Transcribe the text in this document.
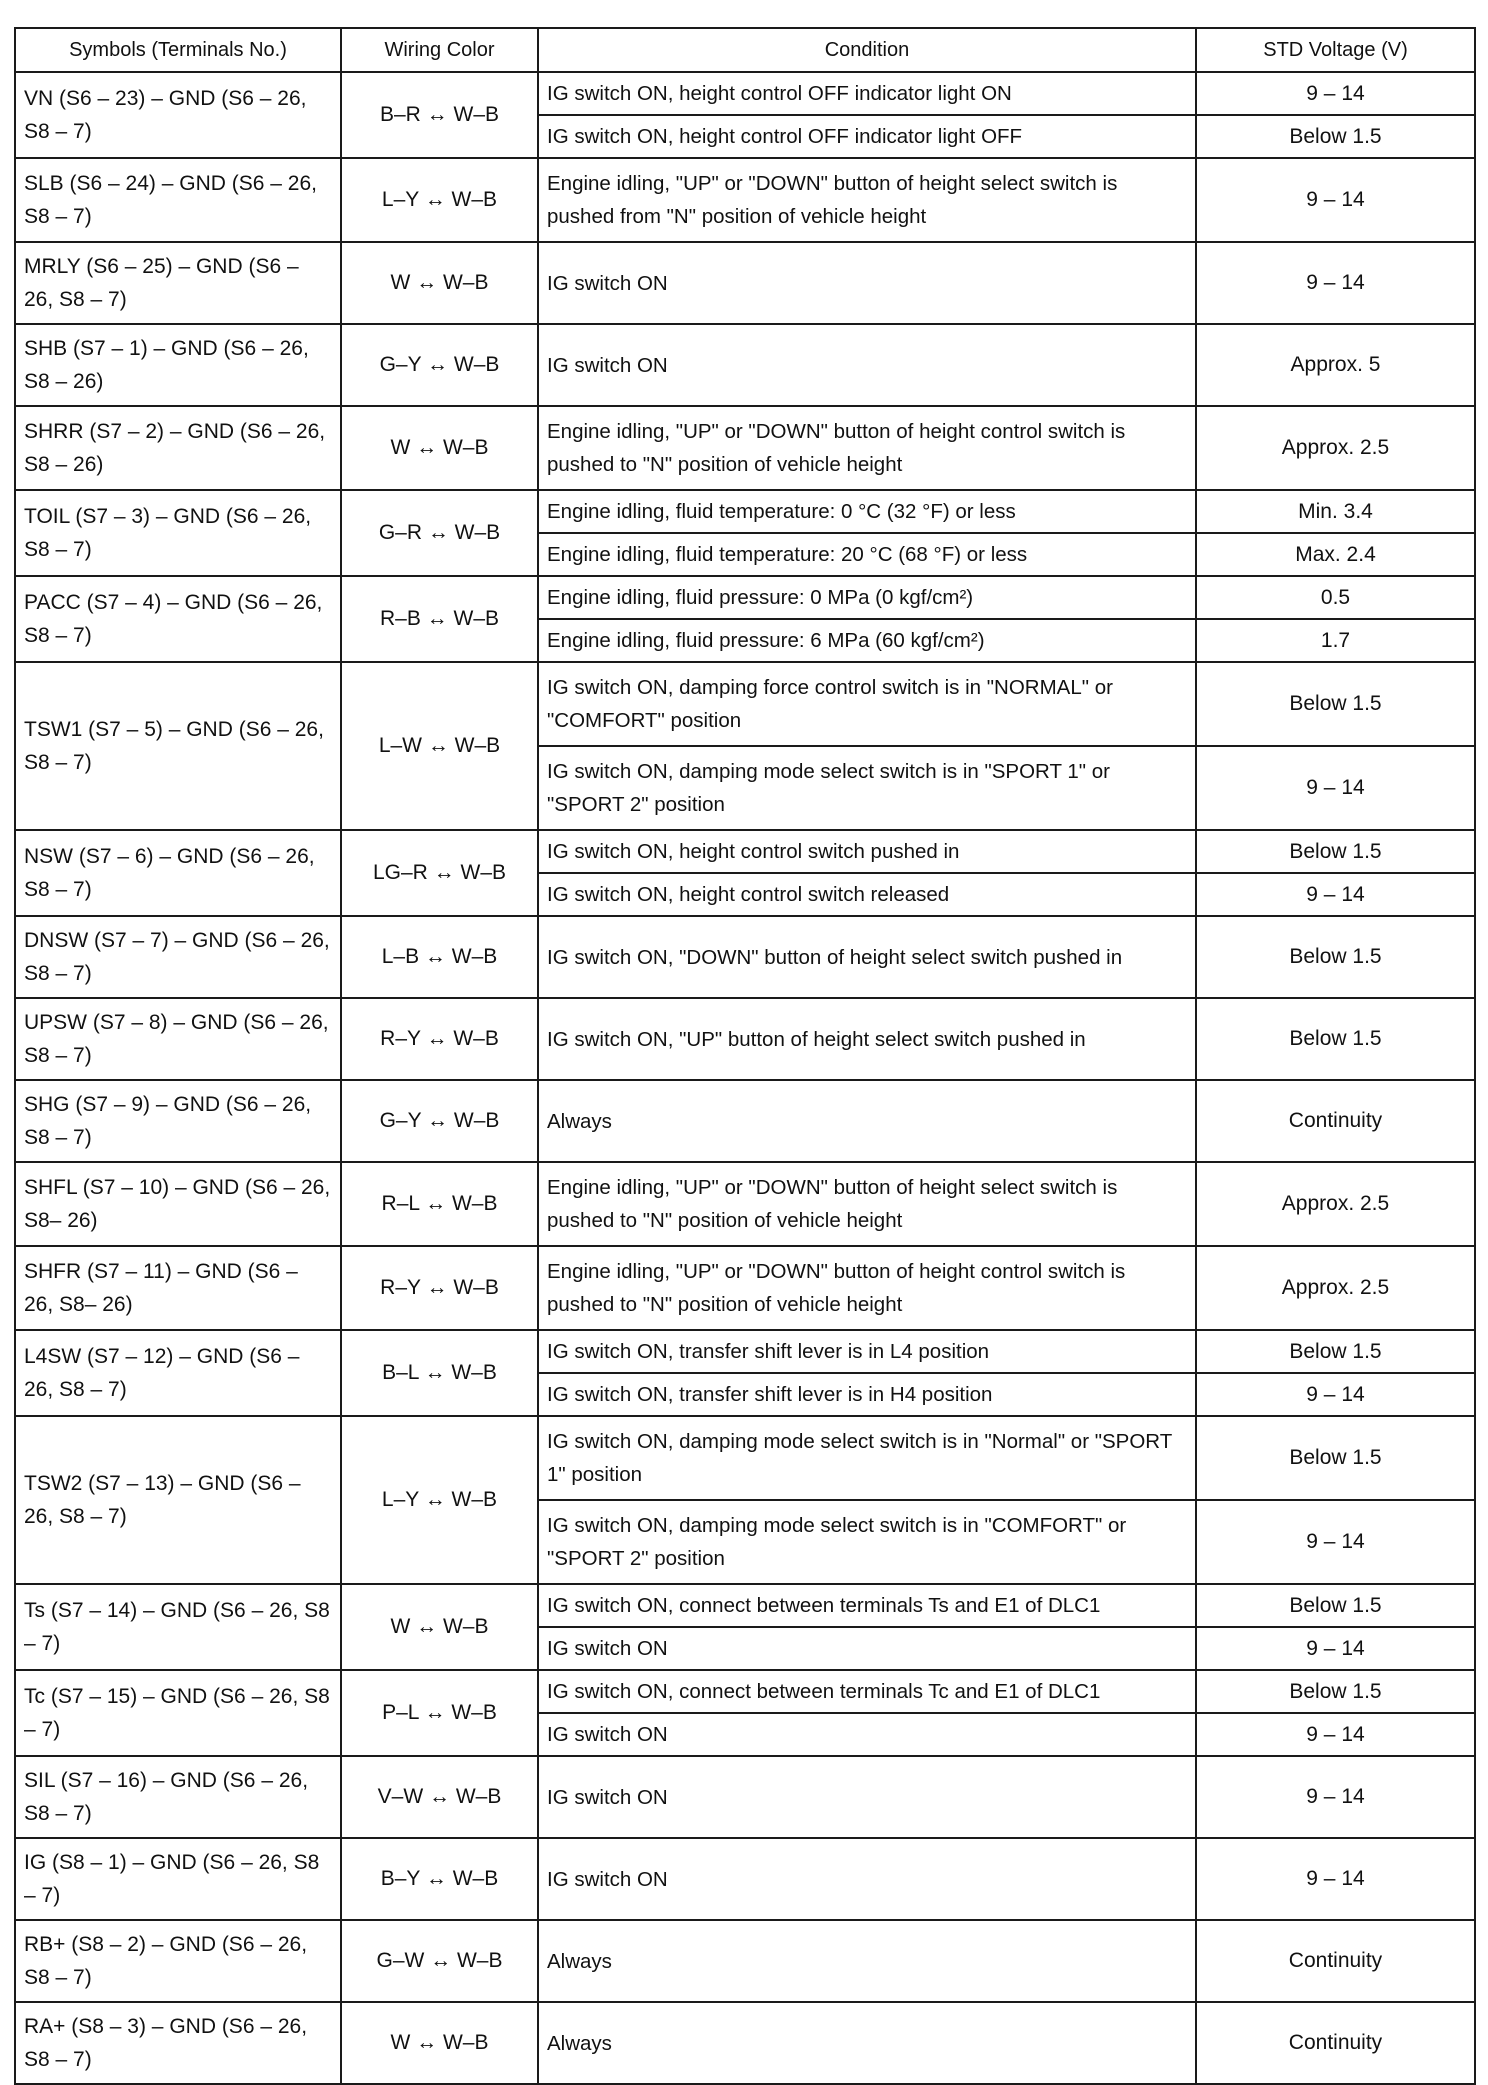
Symbols (Terminals No.)	Wiring Color	Condition	STD Voltage (V)
VN (S6 – 23) – GND (S6 – 26, S8 – 7)	B–R ↔ W–B	IG switch ON, height control OFF indicator light ON	9 – 14
		IG switch ON, height control OFF indicator light OFF	Below 1.5
SLB (S6 – 24) – GND (S6 – 26, S8 – 7)	L–Y ↔ W–B	Engine idling, "UP" or "DOWN" button of height select switch is pushed from "N" position of vehicle height	9 – 14
MRLY (S6 – 25) – GND (S6 – 26, S8 – 7)	W ↔ W–B	IG switch ON	9 – 14
SHB (S7 – 1) – GND (S6 – 26, S8 – 26)	G–Y ↔ W–B	IG switch ON	Approx. 5
SHRR (S7 – 2) – GND (S6 – 26, S8 – 26)	W ↔ W–B	Engine idling, "UP" or "DOWN" button of height control switch is pushed to "N" position of vehicle height	Approx. 2.5
TOIL (S7 – 3) – GND (S6 – 26, S8 – 7)	G–R ↔ W–B	Engine idling, fluid temperature: 0 °C (32 °F) or less	Min. 3.4
		Engine idling, fluid temperature: 20 °C (68 °F) or less	Max. 2.4
PACC (S7 – 4) – GND (S6 – 26, S8 – 7)	R–B ↔ W–B	Engine idling, fluid pressure: 0 MPa (0 kgf/cm²)	0.5
		Engine idling, fluid pressure: 6 MPa (60 kgf/cm²)	1.7
TSW1 (S7 – 5) – GND (S6 – 26, S8 – 7)	L–W ↔ W–B	IG switch ON, damping force control switch is in "NORMAL" or "COMFORT" position	Below 1.5
		IG switch ON, damping mode select switch is in "SPORT 1" or "SPORT 2" position	9 – 14
NSW (S7 – 6) – GND (S6 – 26, S8 – 7)	LG–R ↔ W–B	IG switch ON, height control switch pushed in	Below 1.5
		IG switch ON, height control switch released	9 – 14
DNSW (S7 – 7) – GND (S6 – 26, S8 – 7)	L–B ↔ W–B	IG switch ON, "DOWN" button of height select switch pushed in	Below 1.5
UPSW (S7 – 8) – GND (S6 – 26, S8 – 7)	R–Y ↔ W–B	IG switch ON, "UP" button of height select switch pushed in	Below 1.5
SHG (S7 – 9) – GND (S6 – 26, S8 – 7)	G–Y ↔ W–B	Always	Continuity
SHFL (S7 – 10) – GND (S6 – 26, S8– 26)	R–L ↔ W–B	Engine idling, "UP" or "DOWN" button of height select switch is pushed to "N" position of vehicle height	Approx. 2.5
SHFR (S7 – 11) – GND (S6 – 26, S8– 26)	R–Y ↔ W–B	Engine idling, "UP" or "DOWN" button of height control switch is pushed to "N" position of vehicle height	Approx. 2.5
L4SW (S7 – 12) – GND (S6 – 26, S8 – 7)	B–L ↔ W–B	IG switch ON, transfer shift lever is in L4 position	Below 1.5
		IG switch ON, transfer shift lever is in H4 position	9 – 14
TSW2 (S7 – 13) – GND (S6 – 26, S8 – 7)	L–Y ↔ W–B	IG switch ON, damping mode select switch is in "Normal" or "SPORT 1" position	Below 1.5
		IG switch ON, damping mode select switch is in "COMFORT" or "SPORT 2" position	9 – 14
Ts (S7 – 14) – GND (S6 – 26, S8 – 7)	W ↔ W–B	IG switch ON, connect between terminals Ts and E1 of DLC1	Below 1.5
		IG switch ON	9 – 14
Tc (S7 – 15) – GND (S6 – 26, S8 – 7)	P–L ↔ W–B	IG switch ON, connect between terminals Tc and E1 of DLC1	Below 1.5
		IG switch ON	9 – 14
SIL (S7 – 16) – GND (S6 – 26, S8 – 7)	V–W ↔ W–B	IG switch ON	9 – 14
IG (S8 – 1) – GND (S6 – 26, S8 – 7)	B–Y ↔ W–B	IG switch ON	9 – 14
RB+ (S8 – 2) – GND (S6 – 26, S8 – 7)	G–W ↔ W–B	Always	Continuity
RA+ (S8 – 3) – GND (S6 – 26, S8 – 7)	W ↔ W–B	Always	Continuity
